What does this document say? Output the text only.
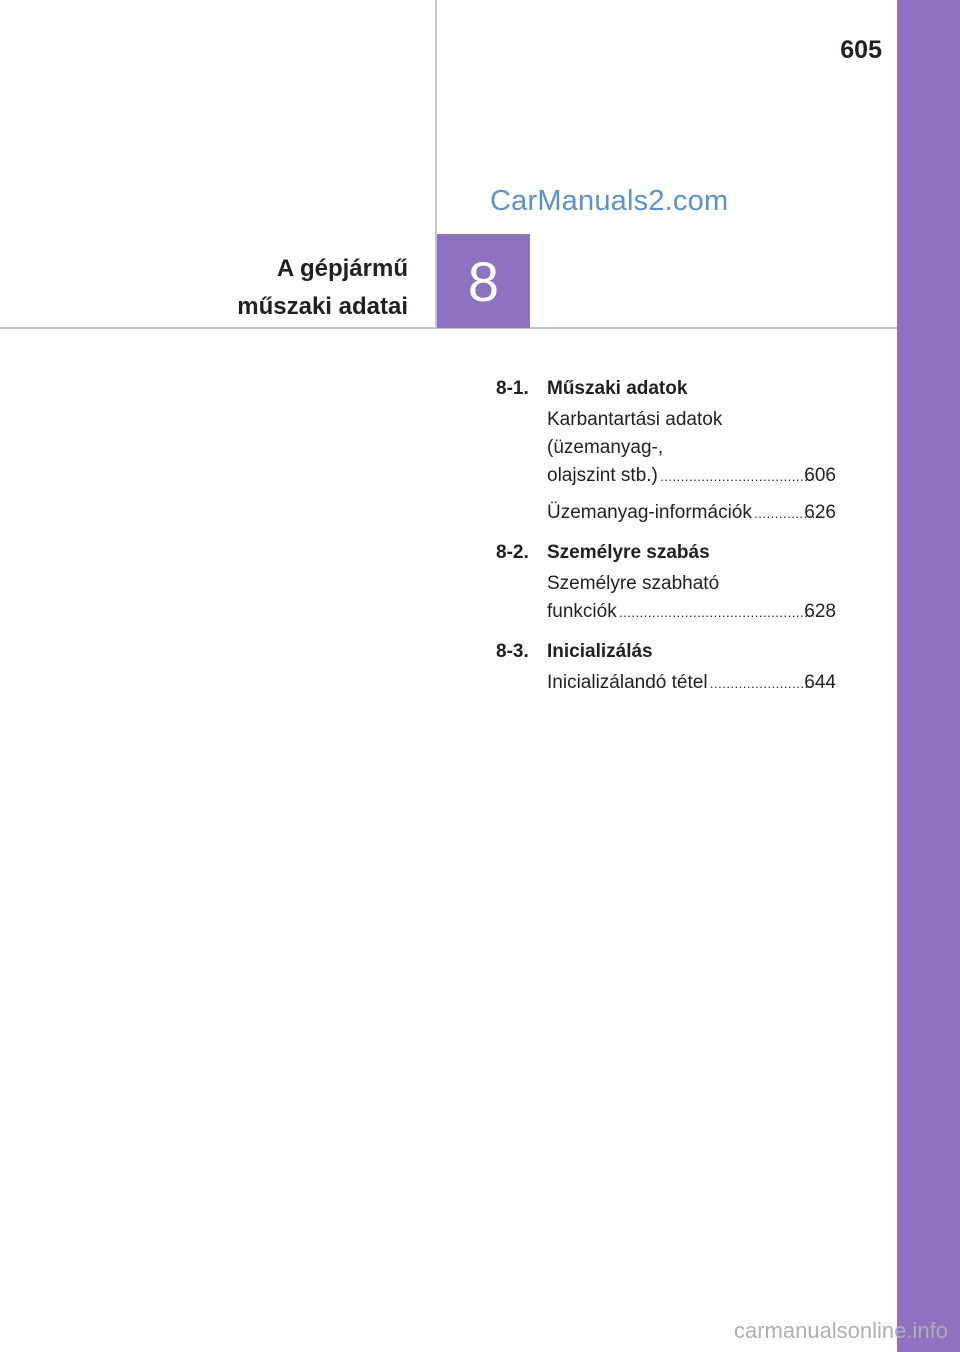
605
CarManuals2.com
A gépjármű
műszaki adatai	8
8-1. Műszaki adatok
Karbantartási adatok
(üzemanyag-,
olajszint stb.) .....	606
Üzemanyag-információk .....	626
8-2. Személyre szabás
Személyre szabható
funkciók .....	628
8-3. Inicializálás
Inicializálandó tétel .....	644
carmanualsonline.info
